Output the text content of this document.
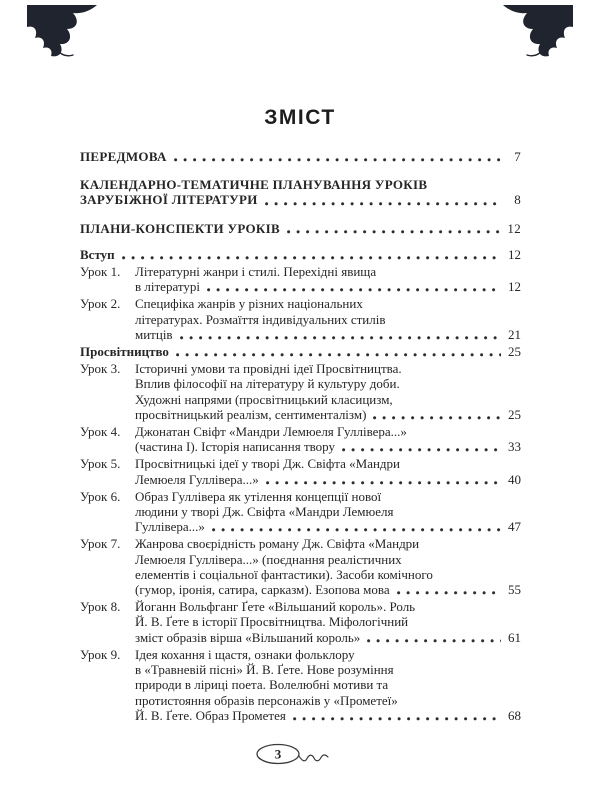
ЗМІСТ
ПЕРЕДМОВА	7
КАЛЕНДАРНО-ТЕМАТИЧНЕ ПЛАНУВАННЯ УРОКІВ
ЗАРУБІЖНОЇ ЛІТЕРАТУРИ	8
ПЛАНИ-КОНСПЕКТИ УРОКІВ	12
Вступ	12
Урок 1.	Літературні жанри і стилі. Перехідні явища
в літературі	12
Урок 2.	Специфіка жанрів у різних національних
літературах. Розмаїття індивідуальних стилів
митців	21
Просвітництво	25
Урок 3.	Історичні умови та провідні ідеї Просвітництва.
Вплив філософії на літературу й культуру доби.
Художні напрями (просвітницький класицизм,
просвітницький реалізм, сентименталізм)	25
Урок 4.	Джонатан Свіфт «Мандри Лемюеля Гуллівера...»
(частина І). Історія написання твору	33
Урок 5.	Просвітницькі ідеї у творі Дж. Свіфта «Мандри
Лемюеля Гуллівера...»	40
Урок 6.	Образ Гуллівера як утілення концепції нової
людини у творі Дж. Свіфта «Мандри Лемюеля
Гуллівера...»	47
Урок 7.	Жанрова своєрідність роману Дж. Свіфта «Мандри
Лемюеля Гуллівера...» (поєднання реалістичних
елементів і соціальної фантастики). Засоби комічного
(гумор, іронія, сатира, сарказм). Езопова мова	55
Урок 8.	Йоганн Вольфганг Ґете «Вільшаний король». Роль
Й. В. Ґете в історії Просвітництва. Міфологічний
зміст образів вірша «Вільшаний король»	61
Урок 9.	Ідея кохання і щастя, ознаки фольклору
в «Травневій пісні» Й. В. Ґете. Нове розуміння
природи в ліриці поета. Волелюбні мотиви та
протистояння образів персонажів у «Прометеї»
Й. В. Ґете. Образ Прометея	68
3
